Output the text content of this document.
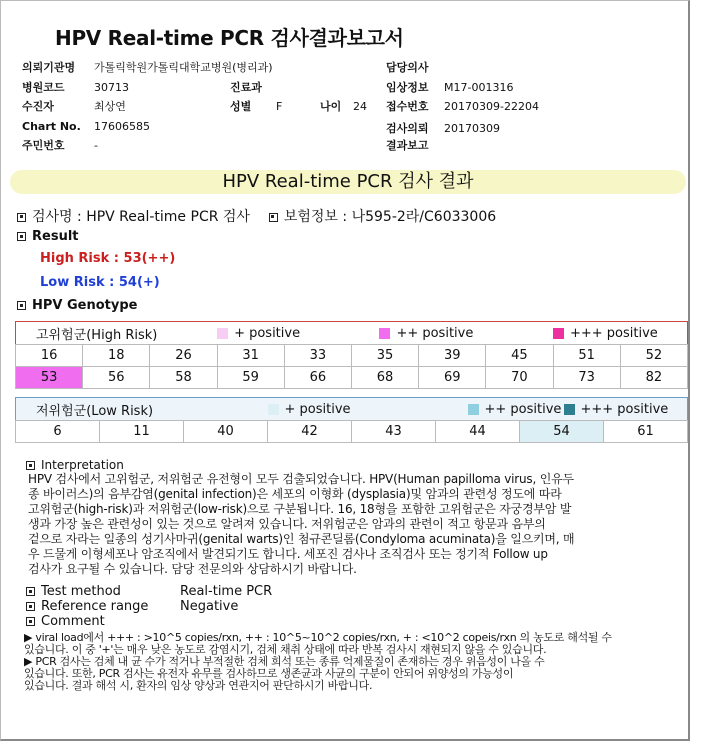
HPV Real-time PCR 검사결과보고서
의뢰기관명 가톨릭학원가톨릭대학교병원(병리과)
병원코드	30713
수진자	최상연
Chart No. 17606585
주민번호	-
진료과
성별 F	나이 24
담당의사
임상정보 M17-001316
접수번호 20170309-22204
검사의뢰 20170309
결과보고
HPV Real-time PCR 검사 결과
검사명 : HPV Real-time PCR 검사 보험정보 : 나595-2라/C6033006
Result
High Risk : 53(++)
Low Risk : 54(+)
HPV Genotype
고위험군(High Risk)			+ positive		++ positive			+++ positive	
16	18	26	31	33	35	39	45	51	52
53	56	58	59	66	68	69	70	73	82
저위험군(Low Risk)			+ positive		++ positive		+++ positive
6	11	40	42	43	44	54	61
Interpretation
HPV 검사에서 고위험군, 저위험군 유전형이 모두 검출되었습니다. HPV(Human papilloma virus, 인유두
종 바이러스)의 음부감염(genital infection)은 세포의 이형화 (dysplasia)및 암과의 관련성 정도에 따라
고위험군(high-risk)과 저위험군(low-risk)으로 구분됩니다. 16, 18형을 포함한 고위험군은 자궁경부암 발
생과 가장 높은 관련성이 있는 것으로 알려져 있습니다. 저위험군은 암과의 관련이 적고 항문과 음부의
겉으로 자라는 일종의 성기사마귀(genital warts)인 첨규콘딜롬(Condyloma acuminata)을 일으키며, 매
우 드물게 이형세포나 암조직에서 발견되기도 합니다. 세포진 검사나 조직검사 또는 정기적 Follow up
검사가 요구될 수 있습니다. 담당 전문의와 상담하시기 바랍니다.
Test method	Real-time PCR
Reference range Negative
Comment
▶ viral load에서 +++ : >10^5 copies/rxn, ++ : 10^5~10^2 copies/rxn, + : <10^2 copeis/rxn 의 농도로 해석될 수
있습니다. 이 중 '+'는 매우 낮은 농도로 감염시기, 검체 채취 상태에 따라 반복 검사시 재현되지 않을 수 있습니다.
▶ PCR 검사는 검체 내 균 수가 적거나 부적절한 검체 희석 또는 종류 억제물질이 존재하는 경우 위음성이 나올 수
있습니다. 또한, PCR 검사는 유전자 유무를 검사하므로 생존균과 사균의 구분이 안되어 위양성의 가능성이
있습니다. 결과 해석 시, 환자의 임상 양상과 연관지어 판단하시기 바랍니다.
